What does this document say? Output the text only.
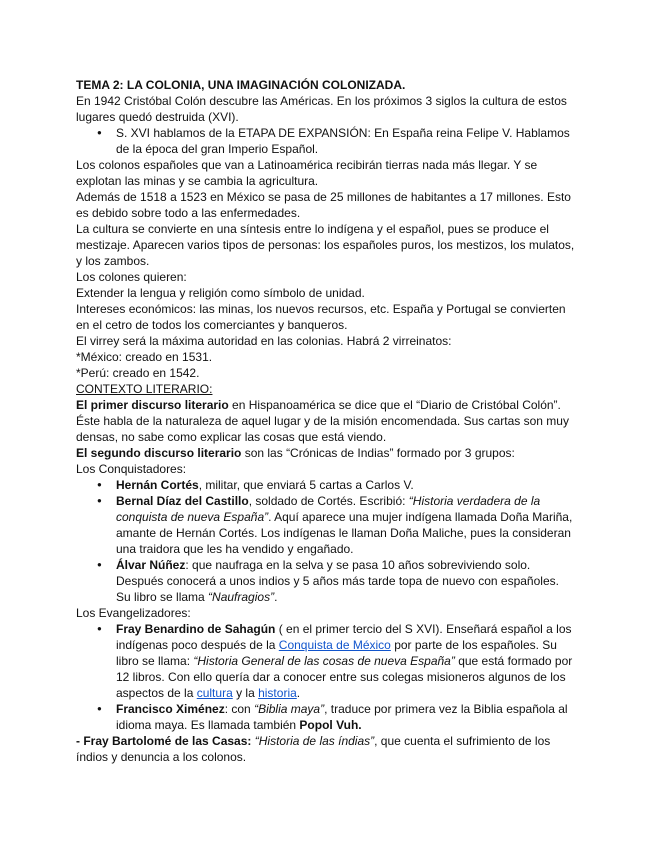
TEMA 2: LA COLONIA, UNA IMAGINACIÓN COLONIZADA.
En 1942 Cristóbal Colón descubre las Américas. En los próximos 3 siglos la cultura de estos
lugares quedó destruida (XVI).
● S. XVI hablamos de la ETAPA DE EXPANSIÓN: En España reina Felipe V. Hablamos
de la época del gran Imperio Español.
Los colonos españoles que van a Latinoamérica recibirán tierras nada más llegar. Y se
explotan las minas y se cambia la agricultura.
Además de 1518 a 1523 en México se pasa de 25 millones de habitantes a 17 millones. Esto
es debido sobre todo a las enfermedades.
La cultura se convierte en una síntesis entre lo indígena y el español, pues se produce el
mestizaje. Aparecen varios tipos de personas: los españoles puros, los mestizos, los mulatos,
y los zambos.
Los colones quieren:
Extender la lengua y religión como símbolo de unidad.
Intereses económicos: las minas, los nuevos recursos, etc. España y Portugal se convierten
en el cetro de todos los comerciantes y banqueros.
El virrey será la máxima autoridad en las colonias. Habrá 2 virreinatos:
*México: creado en 1531.
*Perú: creado en 1542.
CONTEXTO LITERARIO:
El primer discurso literario en Hispanoamérica se dice que el “Diario de Cristóbal Colón”.
Éste habla de la naturaleza de aquel lugar y de la misión encomendada. Sus cartas son muy
densas, no sabe como explicar las cosas que está viendo.
El segundo discurso literario son las “Crónicas de Indias” formado por 3 grupos:
Los Conquistadores:
● Hernán Cortés, militar, que enviará 5 cartas a Carlos V.
● Bernal Díaz del Castillo, soldado de Cortés. Escribió: “Historia verdadera de la
conquista de nueva España”. Aquí aparece una mujer indígena llamada Doña Mariña,
amante de Hernán Cortés. Los indígenas le llaman Doña Maliche, pues la consideran
una traidora que les ha vendido y engañado.
● Álvar Núñez: que naufraga en la selva y se pasa 10 años sobreviviendo solo.
Después conocerá a unos indios y 5 años más tarde topa de nuevo con españoles.
Su libro se llama “Naufragios”.
Los Evangelizadores:
● Fray Benardino de Sahagún ( en el primer tercio del S XVI). Enseñará español a los
indígenas poco después de la Conquista de México por parte de los españoles. Su
libro se llama: “Historia General de las cosas de nueva España” que está formado por
12 libros. Con ello quería dar a conocer entre sus colegas misioneros algunos de los
aspectos de la cultura y la historia.
● Francisco Ximénez: con “Biblia maya”, traduce por primera vez la Biblia española al
idioma maya. Es llamada también Popol Vuh.
- Fray Bartolomé de las Casas: “Historia de las índias”, que cuenta el sufrimiento de los
índios y denuncia a los colonos.
